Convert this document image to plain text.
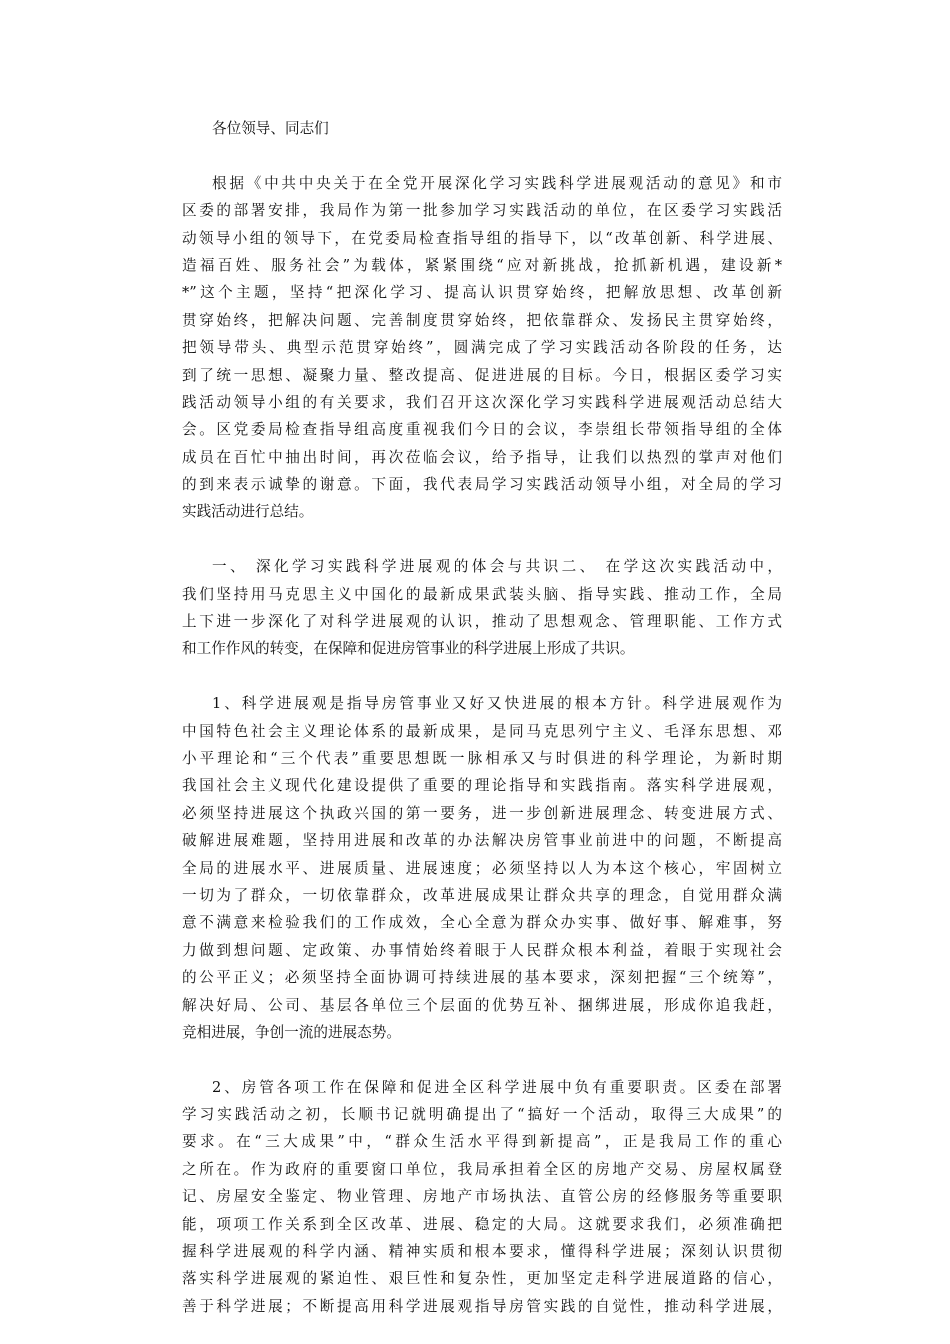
各位领导、同志们
根据《中共中央关于在全党开展深化学习实践科学进展观活动的意见》和市
区委的部署安排，我局作为第一批参加学习实践活动的单位，在区委学习实践活
动领导小组的领导下，在党委局检查指导组的指导下，以“改革创新、科学进展、
造福百姓、服务社会”为载体，紧紧围绕“应对新挑战，抢抓新机遇，建设新*
*”这个主题，坚持“把深化学习、提高认识贯穿始终，把解放思想、改革创新
贯穿始终，把解决问题、完善制度贯穿始终，把依靠群众、发扬民主贯穿始终，
把领导带头、典型示范贯穿始终”，圆满完成了学习实践活动各阶段的任务，达
到了统一思想、凝聚力量、整改提高、促进进展的目标。今日，根据区委学习实
践活动领导小组的有关要求，我们召开这次深化学习实践科学进展观活动总结大
会。区党委局检查指导组高度重视我们今日的会议，李崇组长带领指导组的全体
成员在百忙中抽出时间，再次莅临会议，给予指导，让我们以热烈的掌声对他们
的到来表示诚挚的谢意。下面，我代表局学习实践活动领导小组，对全局的学习
实践活动进行总结。
一、 深化学习实践科学进展观的体会与共识二、 在学这次实践活动中，
我们坚持用马克思主义中国化的最新成果武装头脑、指导实践、推动工作，全局
上下进一步深化了对科学进展观的认识，推动了思想观念、管理职能、工作方式
和工作作风的转变，在保障和促进房管事业的科学进展上形成了共识。
1、科学进展观是指导房管事业又好又快进展的根本方针。科学进展观作为
中国特色社会主义理论体系的最新成果，是同马克思列宁主义、毛泽东思想、邓
小平理论和“三个代表”重要思想既一脉相承又与时俱进的科学理论，为新时期
我国社会主义现代化建设提供了重要的理论指导和实践指南。落实科学进展观，
必须坚持进展这个执政兴国的第一要务，进一步创新进展理念、转变进展方式、
破解进展难题，坚持用进展和改革的办法解决房管事业前进中的问题，不断提高
全局的进展水平、进展质量、进展速度；必须坚持以人为本这个核心，牢固树立
一切为了群众，一切依靠群众，改革进展成果让群众共享的理念，自觉用群众满
意不满意来检验我们的工作成效，全心全意为群众办实事、做好事、解难事，努
力做到想问题、定政策、办事情始终着眼于人民群众根本利益，着眼于实现社会
的公平正义；必须坚持全面协调可持续进展的基本要求，深刻把握“三个统筹”，
解决好局、公司、基层各单位三个层面的优势互补、捆绑进展，形成你追我赶，
竞相进展，争创一流的进展态势。
2、房管各项工作在保障和促进全区科学进展中负有重要职责。区委在部署
学习实践活动之初，长顺书记就明确提出了“搞好一个活动，取得三大成果”的
要求。在“三大成果”中，“群众生活水平得到新提高”，正是我局工作的重心
之所在。作为政府的重要窗口单位，我局承担着全区的房地产交易、房屋权属登
记、房屋安全鉴定、物业管理、房地产市场执法、直管公房的经修服务等重要职
能，项项工作关系到全区改革、进展、稳定的大局。这就要求我们，必须准确把
握科学进展观的科学内涵、精神实质和根本要求，懂得科学进展；深刻认识贯彻
落实科学进展观的紧迫性、艰巨性和复杂性，更加坚定走科学进展道路的信心，
善于科学进展；不断提高用科学进展观指导房管实践的自觉性，推动科学进展，
